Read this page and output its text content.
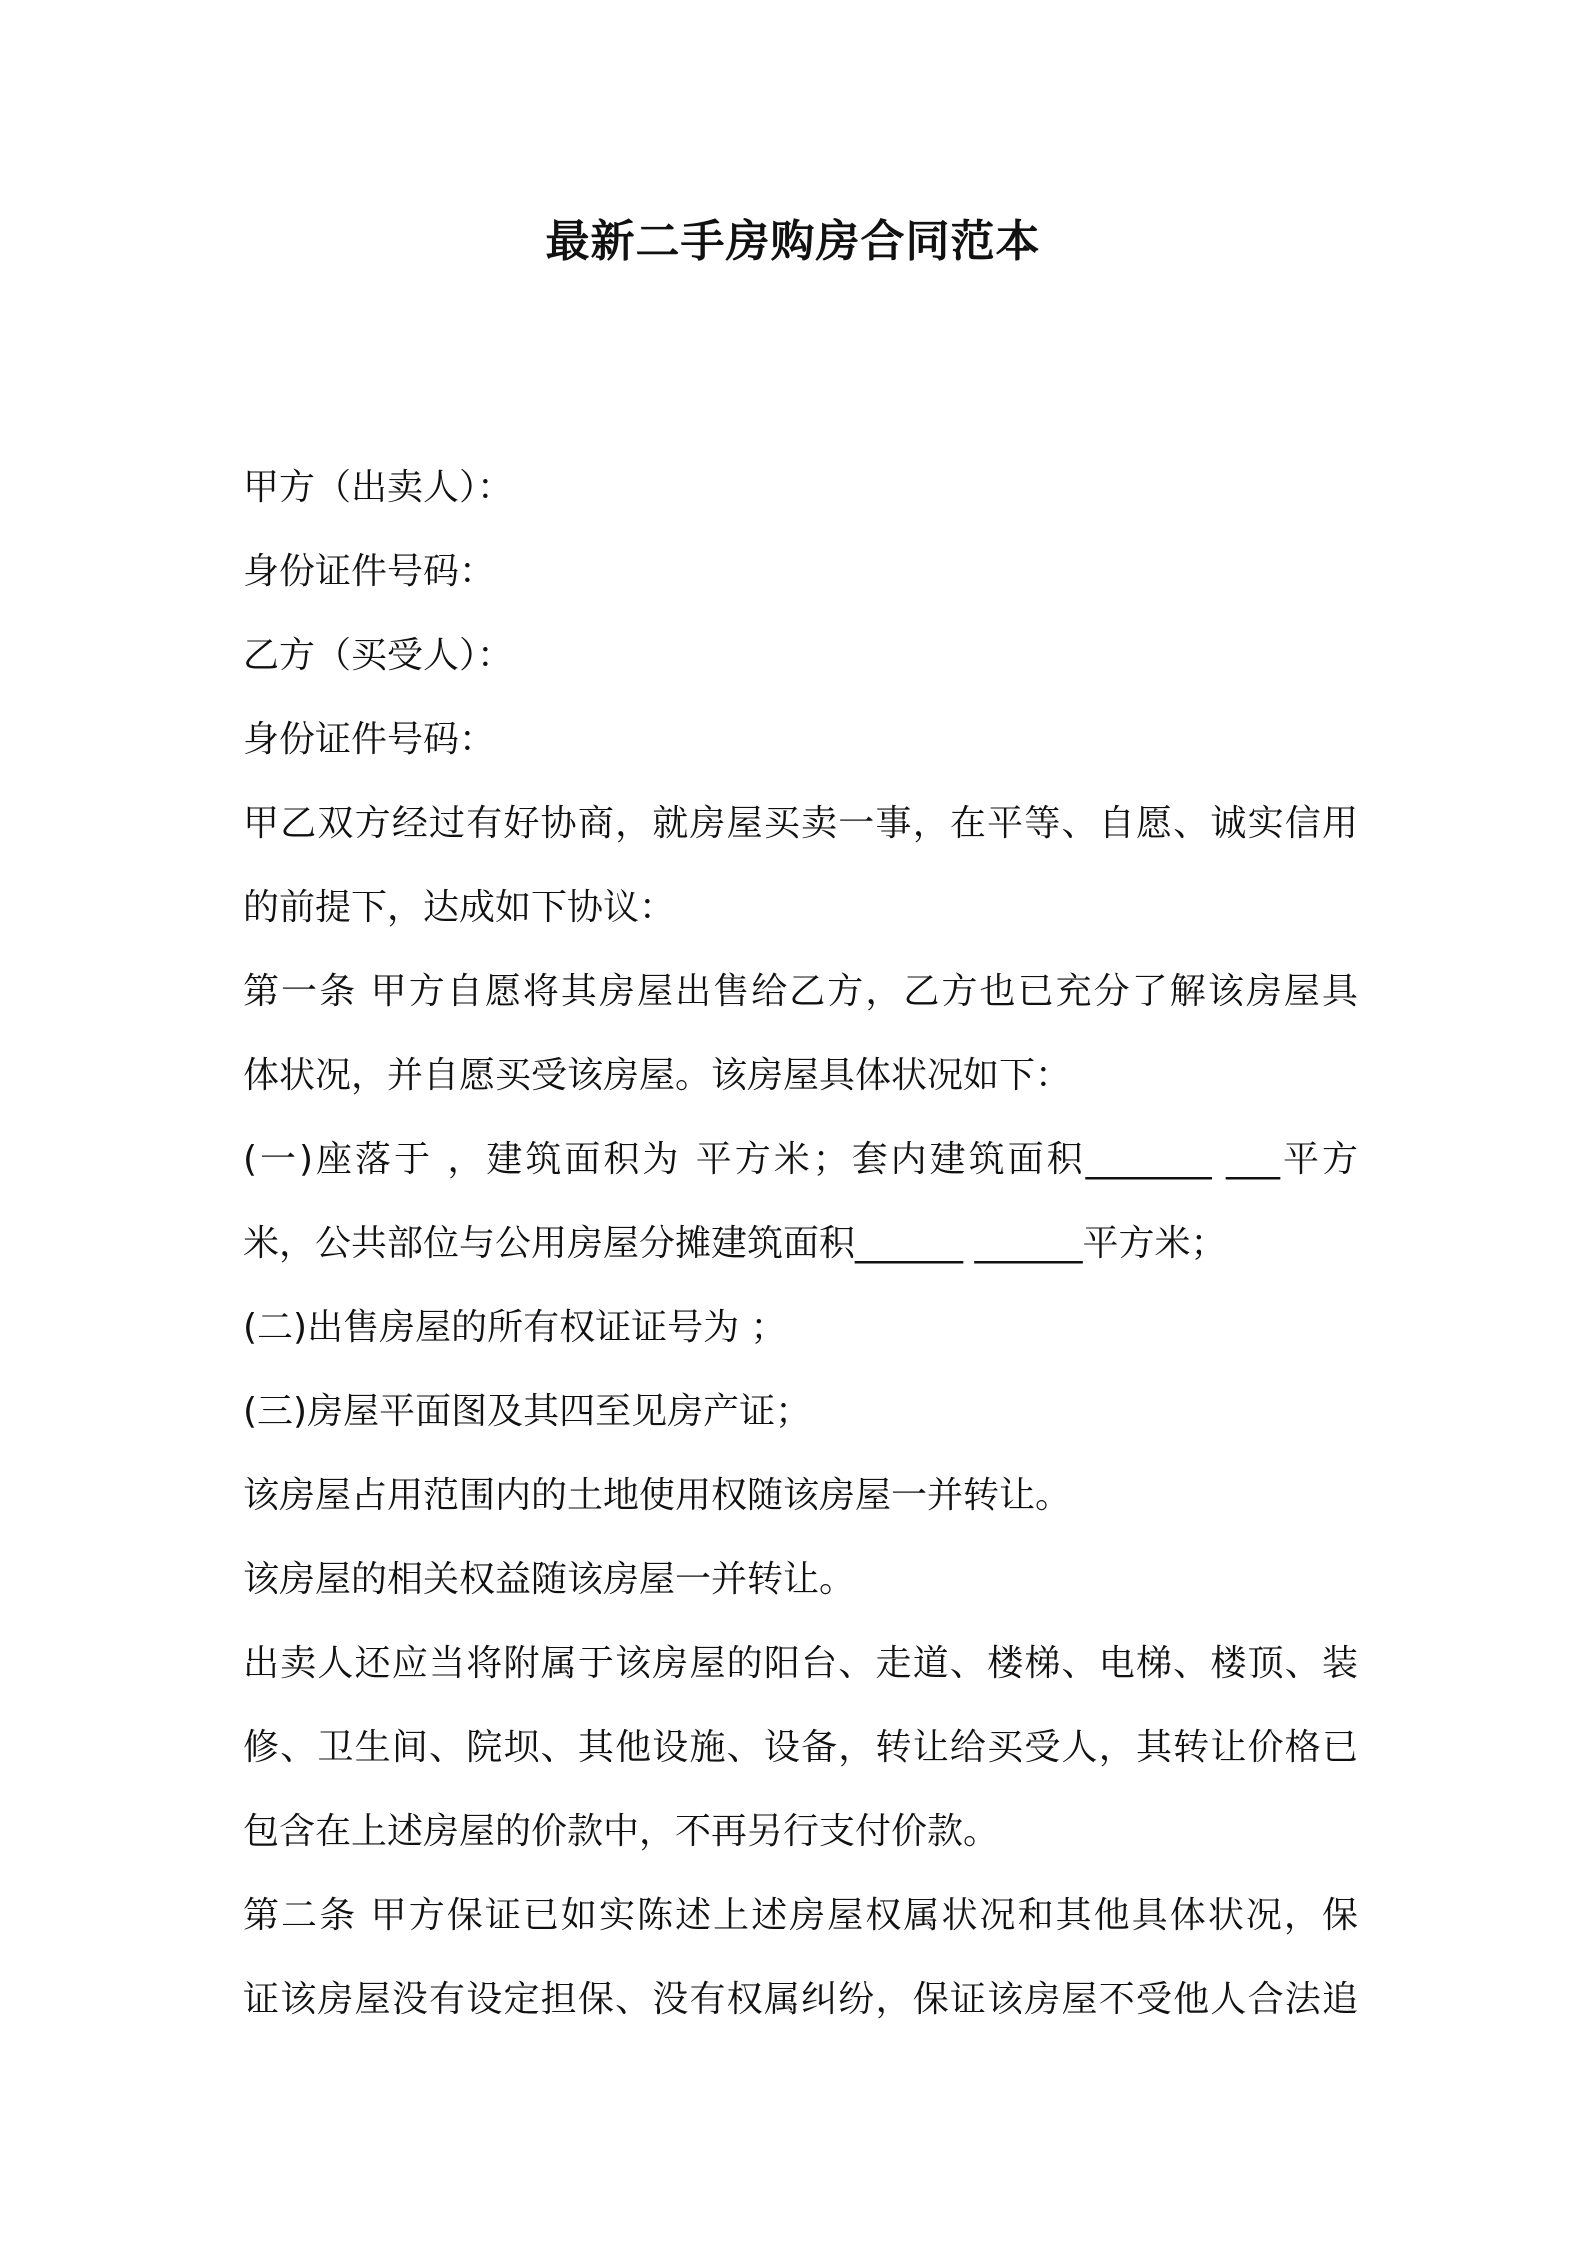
最新二手房购房合同范本
甲方（出卖人）：
身份证件号码：
乙方（买受人）：
身份证件号码：
甲乙双方经过有好协商，就房屋买卖一事，在平等、自愿、诚实信用
的前提下，达成如下协议：
第一条 甲方自愿将其房屋出售给乙方，乙方也已充分了解该房屋具
体状况，并自愿买受该房屋。该房屋具体状况如下：
(一)座落于 ，建筑面积为 平方米；套内建筑面积_______ ___平方
米，公共部位与公用房屋分摊建筑面积______ ______平方米；
(二)出售房屋的所有权证证号为 ；
(三)房屋平面图及其四至见房产证；
该房屋占用范围内的土地使用权随该房屋一并转让。
该房屋的相关权益随该房屋一并转让。
出卖人还应当将附属于该房屋的阳台、走道、楼梯、电梯、楼顶、装
修、卫生间、院坝、其他设施、设备，转让给买受人，其转让价格已
包含在上述房屋的价款中，不再另行支付价款。
第二条 甲方保证已如实陈述上述房屋权属状况和其他具体状况，保
证该房屋没有设定担保、没有权属纠纷，保证该房屋不受他人合法追
